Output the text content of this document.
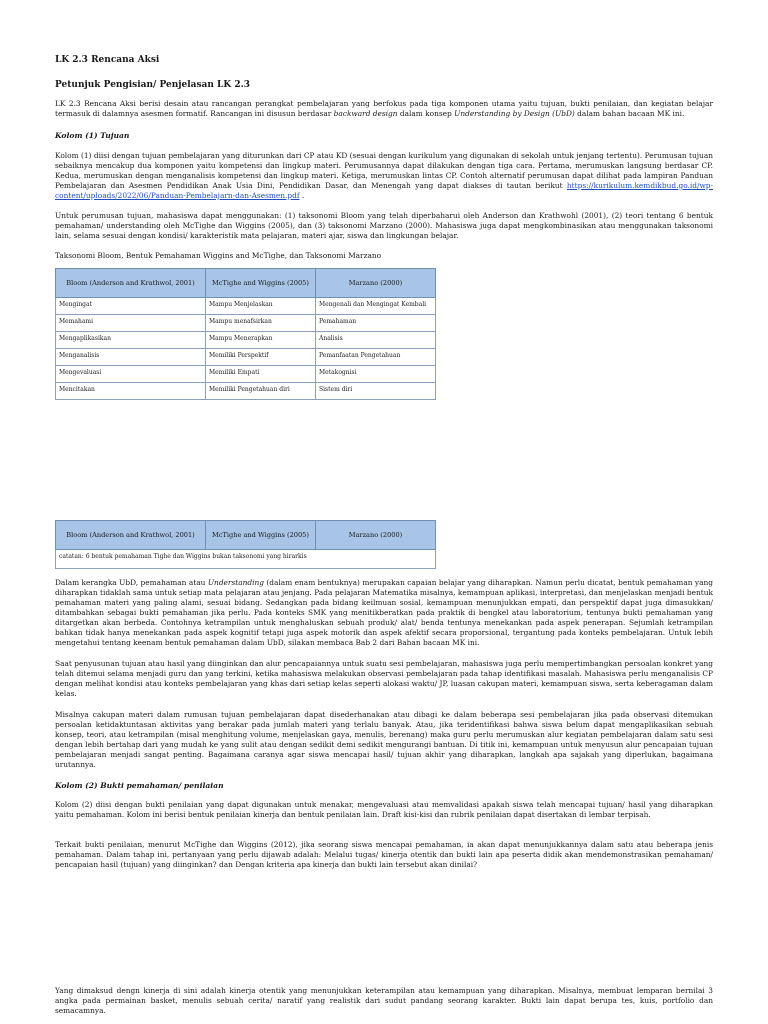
LK 2.3 Rencana Aksi
Petunjuk Pengisian/ Penjelasan LK 2.3

LK 2.3 Rencana Aksi berisi desain atau rancangan perangkat pembelajaran yang berfokus pada tiga komponen utama yaitu tujuan, bukti penilaian, dan kegiatan belajar termasuk di dalamnya asesmen formatif. Rancangan ini disusun berdasar backward design dalam konsep Understanding by Design (UbD) dalam bahan bacaan MK ini.

Kolom (1) Tujuan

Kolom (1) diisi dengan tujuan pembelajaran yang diturunkan dari CP atau KD (sesuai dengan kurikulum yang digunakan di sekolah untuk jenjang tertentu). Perumusan tujuan sebaiknya mencakup dua komponen yaitu kompetensi dan lingkup materi. Perumusannya dapat dilakukan dengan tiga cara. Pertama, merumuskan langsung berdasar CP. Kedua, merumuskan dengan menganalisis kompetensi dan lingkup materi. Ketiga, merumuskan lintas CP. Contoh alternatif perumusan dapat dilihat pada lampiran Panduan Pembelajaran dan Asesmen Pendidikan Anak Usia Dini, Pendidikan Dasar, dan Menengah yang dapat diakses di tautan berikut https://kurikulum.kemdikbud.go.id/wp-content/uploads/2022/06/Panduan-Pembelajarn-dan-Asesmen.pdf .

Untuk perumusan tujuan, mahasiswa dapat menggunakan: (1) taksonomi Bloom yang telah diperbaharui oleh Anderson dan Krathwohl (2001), (2) teori tentang 6 bentuk pemahaman/ understanding oleh McTighe dan Wiggins (2005), dan (3) taksonomi Marzano (2000). Mahasiswa juga dapat mengkombinasikan atau menggunakan taksonomi lain, selama sesuai dengan kondisi/ karakteristik mata pelajaran, materi ajar, siswa dan lingkungan belajar.

Taksonomi Bloom, Bentuk Pemahaman Wiggins and McTighe, dan Taksonomi Marzano

Bloom (Anderson and Krathwol, 2001)	McTighe and Wiggins (2005)	Marzano (2000)
Mengingat	Mampu Menjelaskan	Mengenali dan Mengingat Kembali
Memahami	Mampu menafsirkan	Pemahaman
Mengaplikasikan	Mampu Menerapkan	Analisis
Menganalisis	Memiliki Perspektif	Pemanfaatan Pengetahuan
Mengevaluasi	Memiliki Empati	Metakognisi
Mencitakan	Memiliki Pengetahuan diri	Sistem diri
Bloom (Anderson and Krathwol, 2001)	McTighe and Wiggins (2005)	Marzano (2000)
catatan: 6 bentuk pemahaman Tighe dan Wiggins bukan taksonomi yang hirarkis

Dalam kerangka UbD, pemahaman atau Understanding (dalam enam bentuknya) merupakan capaian belajar yang diharapkan. Namun perlu dicatat, bentuk pemahaman yang diharapkan tidaklah sama untuk setiap mata pelajaran atau jenjang. Pada pelajaran Matematika misalnya, kemampuan aplikasi, interpretasi, dan menjelaskan menjadi bentuk pemahaman materi yang paling alami, sesuai bidang. Sedangkan pada bidang keilmuan sosial, kemampuan menunjukkan empati, dan perspektif dapat juga dimasukkan/ ditambahkan sebagai bukti pemahaman jika perlu. Pada konteks SMK yang menitikberatkan pada praktik di bengkel atau laboratorium, tentunya bukti pemahaman yang ditargetkan akan berbeda. Contohnya ketrampilan untuk menghaluskan sebuah produk/ alat/ benda tentunya menekankan pada aspek penerapan. Sejumlah ketrampilan bahkan tidak hanya menekankan pada aspek kognitif tetapi juga aspek motorik dan aspek afektif secara proporsional, tergantung pada konteks pembelajaran. Untuk lebih mengetahui tentang keenam bentuk pemahaman dalam UbD, silakan membaca Bab 2 dari Bahan bacaan MK ini.

Saat penyusunan tujuan atau hasil yang diinginkan dan alur pencapaiannya untuk suatu sesi pembelajaran, mahasiswa juga perlu mempertimbangkan persoalan konkret yang telah ditemui selama menjadi guru dan yang terkini, ketika mahasiswa melakukan observasi pembelajaran pada tahap identifikasi masalah. Mahasiswa perlu menganalisis CP dengan melihat kondisi atau konteks pembelajaran yang khas dari setiap kelas seperti alokasi waktu/ JP, luasan cakupan materi, kemampuan siswa, serta keberagaman dalam kelas.

Misalnya cakupan materi dalam rumusan tujuan pembelajaran dapat disederhanakan atau dibagi ke dalam beberapa sesi pembelajaran jika pada observasi ditemukan persoalan ketidaktuntasan aktivitas yang berakar pada jumlah materi yang terlalu banyak. Atau, jika teridentifikasi bahwa siswa belum dapat mengaplikasikan sebuah konsep, teori, atau ketrampilan (misal menghitung volume, menjelaskan gaya, menulis, berenang) maka guru perlu merumuskan alur kegiatan pembelajaran dalam satu sesi dengan lebih bertahap dari yang mudah ke yang sulit atau dengan sedikit demi sedikit mengurangi bantuan. Di titik ini, kemampuan untuk menyusun alur pencapaian tujuan pembelajaran menjadi sangat penting. Bagaimana caranya agar siswa mencapai hasil/ tujuan akhir yang diharapkan, langkah apa sajakah yang diperlukan, bagaimana urutannya.

Kolom (2) Bukti pemahaman/ penilaian

Kolom (2) diisi dengan bukti penilaian yang dapat digunakan untuk menakar, mengevaluasi atau memvalidasi apakah siswa telah mencapai tujuan/ hasil yang diharapkan yaitu pemahaman. Kolom ini berisi bentuk penilaian kinerja dan bentuk penilaian lain. Draft kisi-kisi dan rubrik penilaian dapat disertakan di lembar terpisah.

Terkait bukti penilaian, menurut McTighe dan Wiggins (2012), jika seorang siswa mencapai pemahaman, ia akan dapat menunjukkannya dalam satu atau beberapa jenis pemahaman. Dalam tahap ini, pertanyaan yang perlu dijawab adalah: Melalui tugas/ kinerja otentik dan bukti lain apa peserta didik akan mendemonstrasikan pemahaman/ pencapaian hasil (tujuan) yang diinginkan? dan Dengan kriteria apa kinerja dan bukti lain tersebut akan dinilai?

Yang dimaksud dengn kinerja di sini adalah kinerja otentik yang menunjukkan keterampilan atau kemampuan yang diharapkan. Misalnya, membuat lemparan bernilai 3 angka pada permainan basket, menulis sebuah cerita/ naratif yang realistik dari sudut pandang seorang karakter. Bukti lain dapat berupa tes, kuis, portfolio dan semacamnya.
